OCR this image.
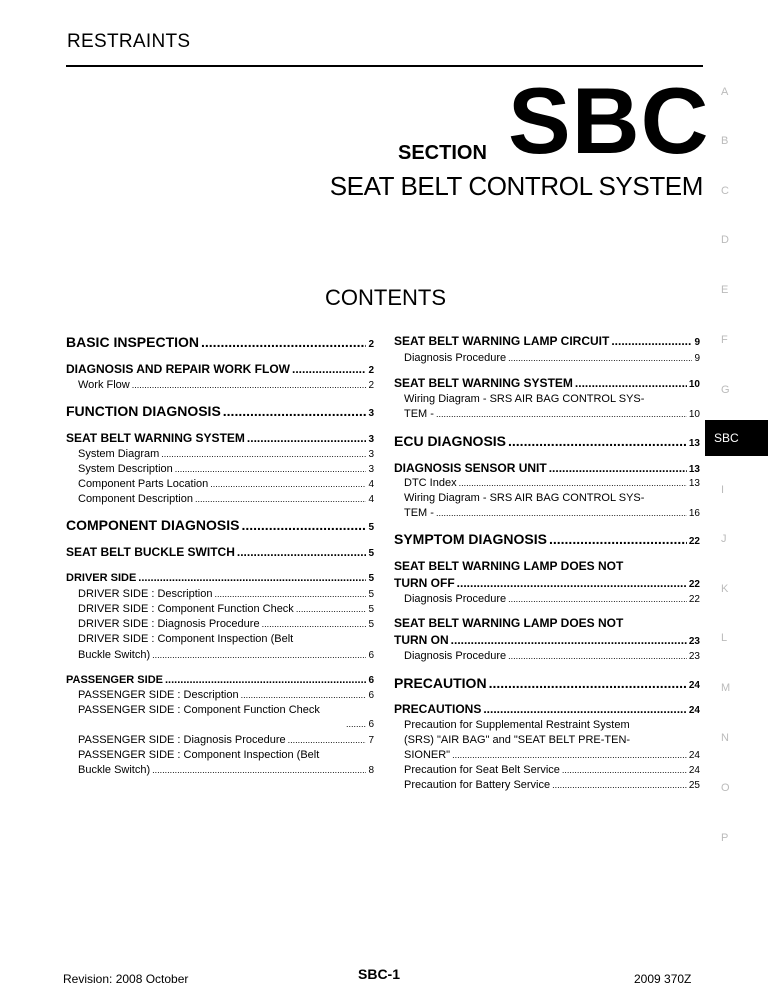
RESTRAINTS
SECTION SBC
SEAT BELT CONTROL SYSTEM
CONTENTS
A
B
C
D
E
F
G
SBC
I
J
K
L
M
N
O
P
BASIC INSPECTION .....	2
DIAGNOSIS AND REPAIR WORK FLOW .....	2
Work Flow .....	2
FUNCTION DIAGNOSIS .....	3
SEAT BELT WARNING SYSTEM .....	3
System Diagram .....	3
System Description .....	3
Component Parts Location .....	4
Component Description .....	4
COMPONENT DIAGNOSIS .....	5
SEAT BELT BUCKLE SWITCH .....	5
DRIVER SIDE .....	5
DRIVER SIDE : Description .....	5
DRIVER SIDE : Component Function Check .....	5
DRIVER SIDE : Diagnosis Procedure .....	5
DRIVER SIDE : Component Inspection (Belt
Buckle Switch) .....	6
PASSENGER SIDE .....	6
PASSENGER SIDE : Description .....	6
PASSENGER SIDE : Component Function Check
.....
6
PASSENGER SIDE : Diagnosis Procedure .....	7
PASSENGER SIDE : Component Inspection (Belt
Buckle Switch) .....	8
SEAT BELT WARNING LAMP CIRCUIT .....	9
Diagnosis Procedure .....	9
SEAT BELT WARNING SYSTEM .....	10
Wiring Diagram - SRS AIR BAG CONTROL SYS-
TEM - .....	10
ECU DIAGNOSIS .....	13
DIAGNOSIS SENSOR UNIT .....	13
DTC Index .....	13
Wiring Diagram - SRS AIR BAG CONTROL SYS-
TEM - .....	16
SYMPTOM DIAGNOSIS .....	22
SEAT BELT WARNING LAMP DOES NOT
TURN OFF .....	22
Diagnosis Procedure .....	22
SEAT BELT WARNING LAMP DOES NOT
TURN ON .....	23
Diagnosis Procedure .....	23
PRECAUTION .....	24
PRECAUTIONS .....	24
Precaution for Supplemental Restraint System
(SRS) "AIR BAG" and "SEAT BELT PRE-TEN-
SIONER" .....	24
Precaution for Seat Belt Service .....	24
Precaution for Battery Service .....	25
Revision: 2008 October	SBC-1	2009 370Z
